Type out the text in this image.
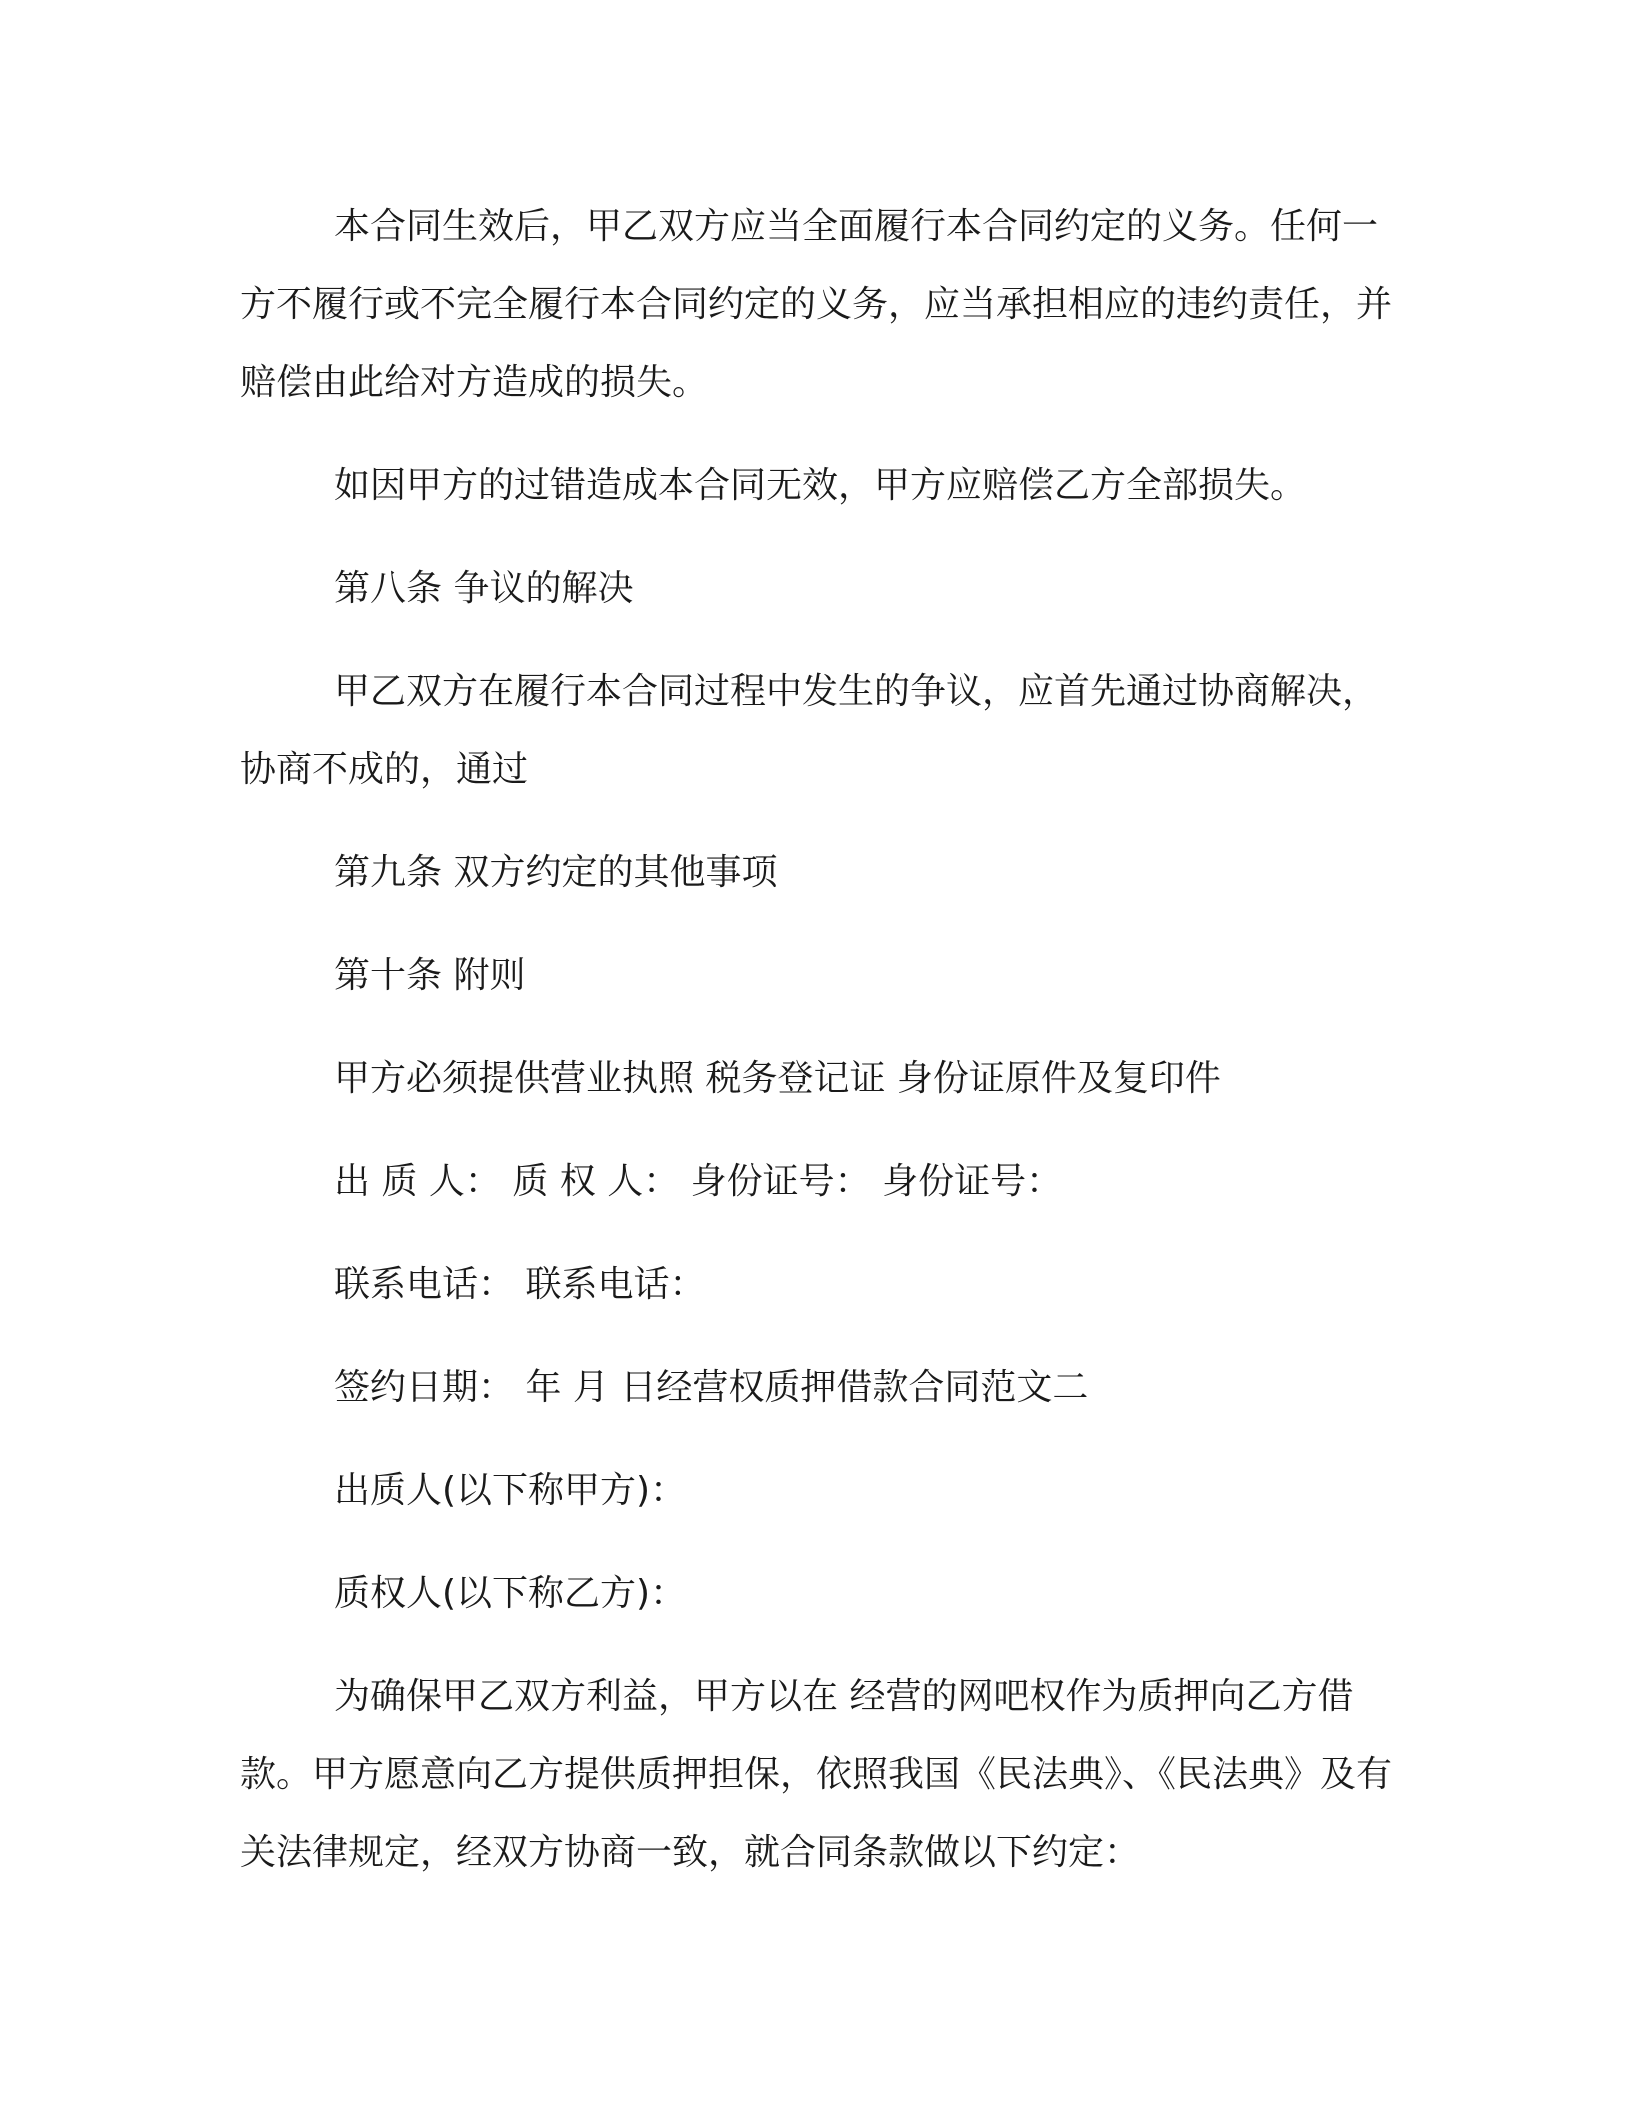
本合同生效后，甲乙双方应当全面履行本合同约定的义务。任何一方不履行或不完全履行本合同约定的义务，应当承担相应的违约责任，并赔偿由此给对方造成的损失。

如因甲方的过错造成本合同无效，甲方应赔偿乙方全部损失。

第八条 争议的解决

甲乙双方在履行本合同过程中发生的争议，应首先通过协商解决，协商不成的，通过

第九条 双方约定的其他事项

第十条 附则

甲方必须提供营业执照 税务登记证 身份证原件及复印件

出 质 人： 质 权 人： 身份证号： 身份证号：

联系电话： 联系电话：

签约日期： 年 月 日经营权质押借款合同范文二

出质人(以下称甲方)：

质权人(以下称乙方)：

为确保甲乙双方利益，甲方以在 经营的网吧权作为质押向乙方借款。甲方愿意向乙方提供质押担保，依照我国《民法典》、《民法典》及有关法律规定，经双方协商一致，就合同条款做以下约定：
